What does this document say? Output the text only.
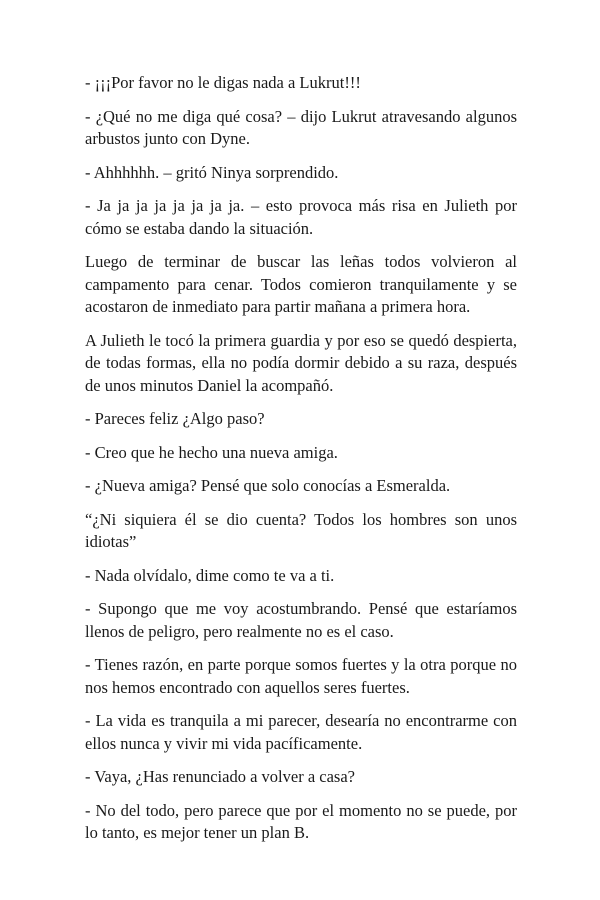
- ¡¡¡Por favor no le digas nada a Lukrut!!!

- ¿Qué no me diga qué cosa? – dijo Lukrut atravesando algunos arbustos junto con Dyne.

- Ahhhhhh. – gritó Ninya sorprendido.

- Ja ja ja ja ja ja ja ja. – esto provoca más risa en Julieth por cómo se estaba dando la situación.

Luego de terminar de buscar las leñas todos volvieron al campamento para cenar. Todos comieron tranquilamente y se acostaron de inmediato para partir mañana a primera hora.

A Julieth le tocó la primera guardia y por eso se quedó despierta, de todas formas, ella no podía dormir debido a su raza, después de unos minutos Daniel la acompañó.

- Pareces feliz ¿Algo paso?

- Creo que he hecho una nueva amiga.

- ¿Nueva amiga? Pensé que solo conocías a Esmeralda.

“¿Ni siquiera él se dio cuenta? Todos los hombres son unos idiotas”

- Nada olvídalo, dime como te va a ti.

- Supongo que me voy acostumbrando. Pensé que estaríamos llenos de peligro, pero realmente no es el caso.

- Tienes razón, en parte porque somos fuertes y la otra porque no nos hemos encontrado con aquellos seres fuertes.

- La vida es tranquila a mi parecer, desearía no encontrarme con ellos nunca y vivir mi vida pacíficamente.

- Vaya, ¿Has renunciado a volver a casa?

- No del todo, pero parece que por el momento no se puede, por lo tanto, es mejor tener un plan B.
